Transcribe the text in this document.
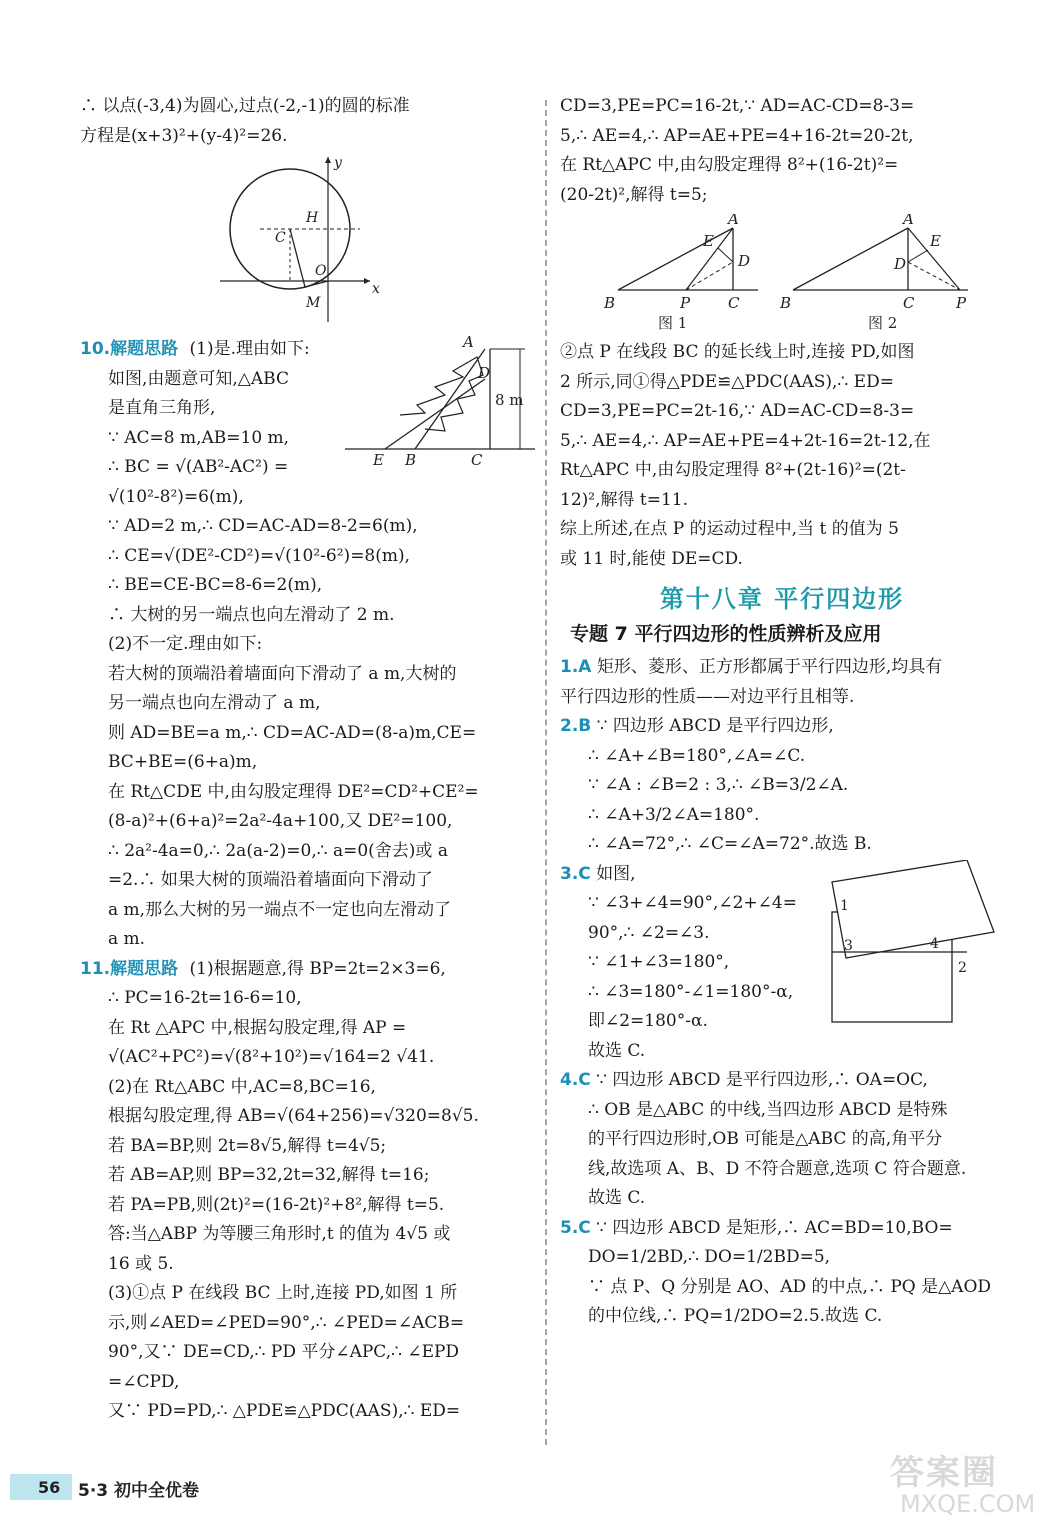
∴ 以点(-3,4)为圆心,过点(-2,-1)的圆的标准
方程是(x+3)²+(y-4)²=26.
y
x
H
C
O
M
A
D
E B	C
8 m
10.解题思路 (1)是.理由如下:
如图,由题意可知,△ABC
是直角三角形,
∵ AC=8 m,AB=10 m,
∴ BC = √(AB²-AC²) =
√(10²-8²)=6(m),
∵ AD=2 m,∴ CD=AC-AD=8-2=6(m),
∴ CE=√(DE²-CD²)=√(10²-6²)=8(m),
∴ BE=CE-BC=8-6=2(m),
∴ 大树的另一端点也向左滑动了 2 m.
(2)不一定.理由如下:
若大树的顶端沿着墙面向下滑动了 a m,大树的
另一端点也向左滑动了 a m,
则 AD=BE=a m,∴ CD=AC-AD=(8-a)m,CE=
BC+BE=(6+a)m,
在 Rt△CDE 中,由勾股定理得 DE²=CD²+CE²=
(8-a)²+(6+a)²=2a²-4a+100,又 DE²=100,
∴ 2a²-4a=0,∴ 2a(a-2)=0,∴ a=0(舍去)或 a
=2.∴ 如果大树的顶端沿着墙面向下滑动了
a m,那么大树的另一端点不一定也向左滑动了
a m.
11.解题思路 (1)根据题意,得 BP=2t=2×3=6,
∴ PC=16-2t=16-6=10,
在 Rt △APC 中,根据勾股定理,得 AP =
√(AC²+PC²)=√(8²+10²)=√164=2 √41.
(2)在 Rt△ABC 中,AC=8,BC=16,
根据勾股定理,得 AB=√(64+256)=√320=8√5.
若 BA=BP,则 2t=8√5,解得 t=4√5;
若 AB=AP,则 BP=32,2t=32,解得 t=16;
若 PA=PB,则(2t)²=(16-2t)²+8²,解得 t=5.
答:当△ABP 为等腰三角形时,t 的值为 4√5 或
16 或 5.
(3)①点 P 在线段 BC 上时,连接 PD,如图 1 所
示,则∠AED=∠PED=90°,∴ ∠PED=∠ACB=
90°,又∵ DE=CD,∴ PD 平分∠APC,∴ ∠EPD
=∠CPD,
又∵ PD=PD,∴ △PDE≌△PDC(AAS),∴ ED=
CD=3,PE=PC=16-2t,∵ AD=AC-CD=8-3=
5,∴ AE=4,∴ AP=AE+PE=4+16-2t=20-2t,
在 Rt△APC 中,由勾股定理得 8²+(16-2t)²=
(20-2t)²,解得 t=5;
A
E
D
B	P	C
图 1
A
E
D
B	C	P
图 2
②点 P 在线段 BC 的延长线上时,连接 PD,如图
2 所示,同①得△PDE≌△PDC(AAS),∴ ED=
CD=3,PE=PC=2t-16,∵ AD=AC-CD=8-3=
5,∴ AE=4,∴ AP=AE+PE=4+2t-16=2t-12,在
Rt△APC 中,由勾股定理得 8²+(2t-16)²=(2t-
12)²,解得 t=11.
综上所述,在点 P 的运动过程中,当 t 的值为 5
或 11 时,能使 DE=CD.
第十八章 平行四边形
专题 7 平行四边形的性质辨析及应用
1.A 矩形、菱形、正方形都属于平行四边形,均具有
平行四边形的性质——对边平行且相等.
2.B ∵ 四边形 ABCD 是平行四边形,
∴ ∠A+∠B=180°,∠A=∠C.
∵ ∠A : ∠B=2 : 3,∴ ∠B=3/2∠A.
∴ ∠A+3/2∠A=180°.
∴ ∠A=72°,∴ ∠C=∠A=72°.故选 B.
1
2
3	4
3.C 如图,
∵ ∠3+∠4=90°,∠2+∠4=
90°,∴ ∠2=∠3.
∵ ∠1+∠3=180°,
∴ ∠3=180°-∠1=180°-α,
即∠2=180°-α.
故选 C.
4.C ∵ 四边形 ABCD 是平行四边形,∴ OA=OC,
∴ OB 是△ABC 的中线,当四边形 ABCD 是特殊
的平行四边形时,OB 可能是△ABC 的高,角平分
线,故选项 A、B、D 不符合题意,选项 C 符合题意.
故选 C.
5.C ∵ 四边形 ABCD 是矩形,∴ AC=BD=10,BO=
DO=1/2BD,∴ DO=1/2BD=5,
∵ 点 P、Q 分别是 AO、AD 的中点,∴ PQ 是△AOD
的中位线,∴ PQ=1/2DO=2.5.故选 C.
56 5·3 初中全优卷	答案圈
MXQE.COM
